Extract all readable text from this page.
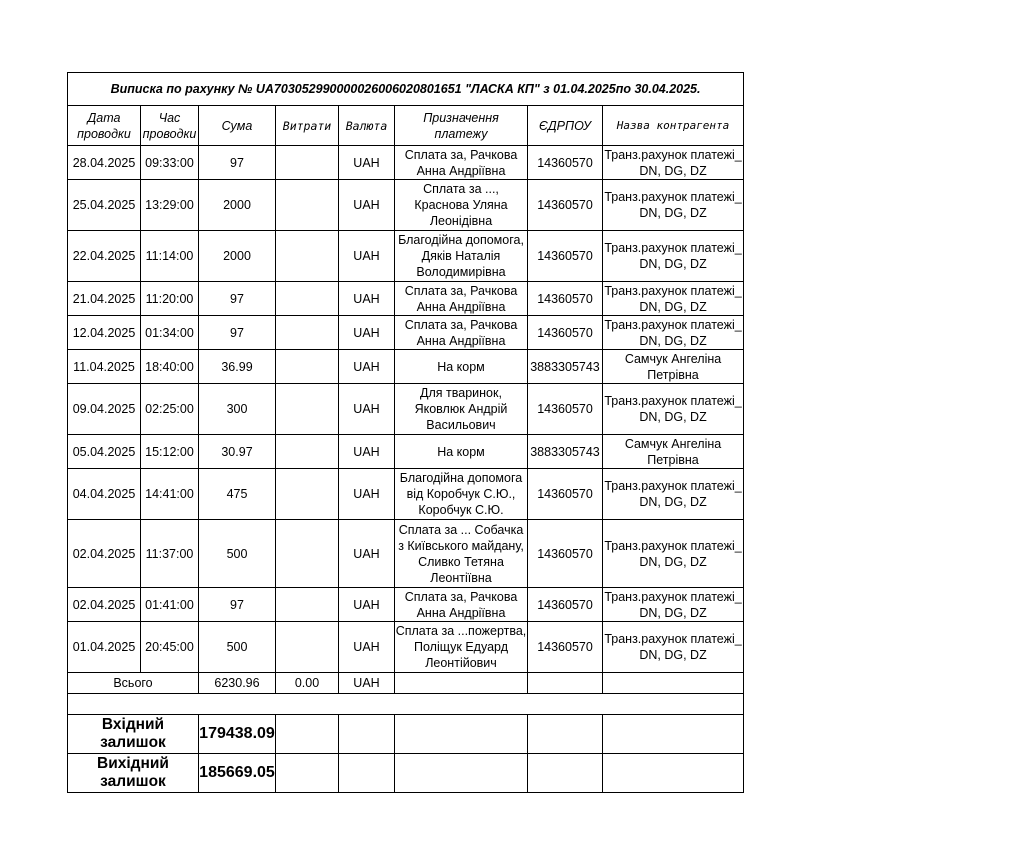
Виписка по рахунку № UA703052990000026006020801651 "ЛАСКА КП" з 01.04.2025по 30.04.2025.							
Дата проводки	Час проводки	Сума	Витрати	Валюта	Призначення платежу	ЄДРПОУ	Назва контрагента
28.04.2025	09:33:00	97		UAH	Сплата за, Рачкова Анна Андріївна	14360570	Транз.рахунок платежі_ DN, DG, DZ
25.04.2025	13:29:00	2000		UAH	Сплата за ..., Краснова Уляна Леонідівна	14360570	Транз.рахунок платежі_ DN, DG, DZ
22.04.2025	11:14:00	2000		UAH	Благодійна допомога, Дяків Наталія Володимирівна	14360570	Транз.рахунок платежі_ DN, DG, DZ
21.04.2025	11:20:00	97		UAH	Сплата за, Рачкова Анна Андріївна	14360570	Транз.рахунок платежі_ DN, DG, DZ
12.04.2025	01:34:00	97		UAH	Сплата за, Рачкова Анна Андріївна	14360570	Транз.рахунок платежі_ DN, DG, DZ
11.04.2025	18:40:00	36.99		UAH	На корм	3883305743	Самчук Ангеліна Петрівна
09.04.2025	02:25:00	300		UAH	Для тваринок, Яковлюк Андрій Васильович	14360570	Транз.рахунок платежі_ DN, DG, DZ
05.04.2025	15:12:00	30.97		UAH	На корм	3883305743	Самчук Ангеліна Петрівна
04.04.2025	14:41:00	475		UAH	Благодійна допомога від Коробчук С.Ю., Коробчук С.Ю.	14360570	Транз.рахунок платежі_ DN, DG, DZ
02.04.2025	11:37:00	500		UAH	Сплата за ... Собачка з Київського майдану, Сливко Тетяна Леонтіївна	14360570	Транз.рахунок платежі_ DN, DG, DZ
02.04.2025	01:41:00	97		UAH	Сплата за, Рачкова Анна Андріївна	14360570	Транз.рахунок платежі_ DN, DG, DZ
01.04.2025	20:45:00	500		UAH	Сплата за ...пожертва, Поліщук Едуард Леонтійович	14360570	Транз.рахунок платежі_ DN, DG, DZ
Всього		6230.96	0.00	UAH			

Вхідний залишок		179438.09					
Вихідний залишок		185669.05					
